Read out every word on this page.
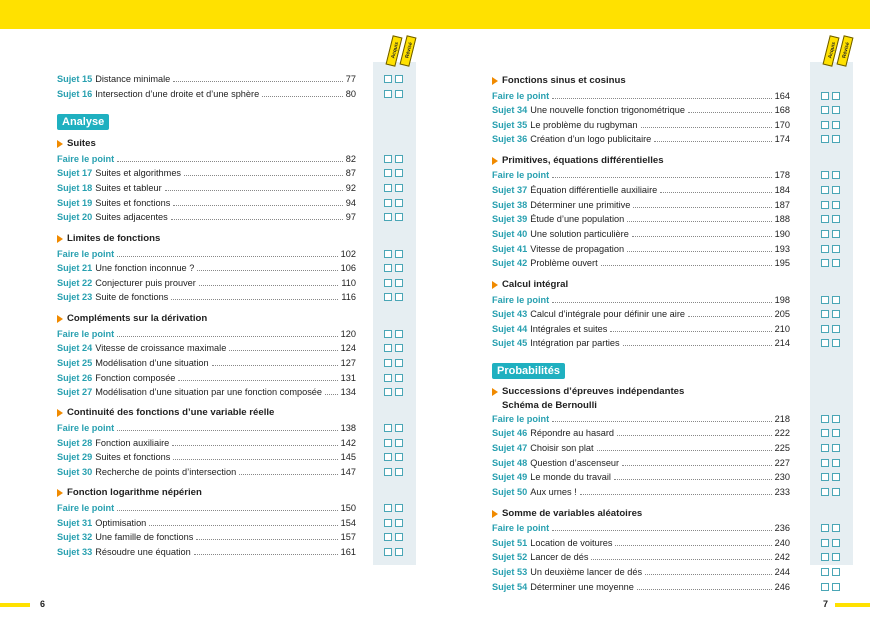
Acquis Révisé
Sujet 15 Distance minimale	77
Sujet 16 Intersection d’une droite et d’une sphère	80
Analyse
Suites
Faire le point	82
Sujet 17 Suites et algorithmes	87
Sujet 18 Suites et tableur	92
Sujet 19 Suites et fonctions	94
Sujet 20 Suites adjacentes	97
Limites de fonctions
Faire le point	102
Sujet 21 Une fonction inconnue ?	106
Sujet 22 Conjecturer puis prouver	110
Sujet 23 Suite de fonctions	116
Compléments sur la dérivation
Faire le point	120
Sujet 24 Vitesse de croissance maximale	124
Sujet 25 Modélisation d’une situation	127
Sujet 26 Fonction composée	131
Sujet 27 Modélisation d’une situation par une fonction composée 134
Continuité des fonctions d’une variable réelle
Faire le point	138
Sujet 28 Fonction auxiliaire	142
Sujet 29 Suites et fonctions	145
Sujet 30 Recherche de points d’intersection	147
Fonction logarithme népérien
Faire le point	150
Sujet 31 Optimisation	154
Sujet 32 Une famille de fonctions	157
Sujet 33 Résoudre une équation	161
6
Acquis Révisé
Fonctions sinus et cosinus
Faire le point	164
Sujet 34 Une nouvelle fonction trigonométrique	168
Sujet 35 Le problème du rugbyman	170
Sujet 36 Création d’un logo publicitaire	174
Primitives, équations différentielles
Faire le point	178
Sujet 37 Équation différentielle auxiliaire	184
Sujet 38 Déterminer une primitive	187
Sujet 39 Étude d’une population	188
Sujet 40 Une solution particulière	190
Sujet 41 Vitesse de propagation	193
Sujet 42 Problème ouvert	195
Calcul intégral
Faire le point	198
Sujet 43 Calcul d’intégrale pour définir une aire	205
Sujet 44 Intégrales et suites	210
Sujet 45 Intégration par parties	214
Probabilités
Successions d’épreuves indépendantes
Schéma de Bernoulli
Faire le point	218
Sujet 46 Répondre au hasard	222
Sujet 47 Choisir son plat	225
Sujet 48 Question d’ascenseur	227
Sujet 49 Le monde du travail	230
Sujet 50 Aux urnes !	233
Somme de variables aléatoires
Faire le point	236
Sujet 51 Location de voitures	240
Sujet 52 Lancer de dés	242
Sujet 53 Un deuxième lancer de dés	244
Sujet 54 Déterminer une moyenne	246
7
